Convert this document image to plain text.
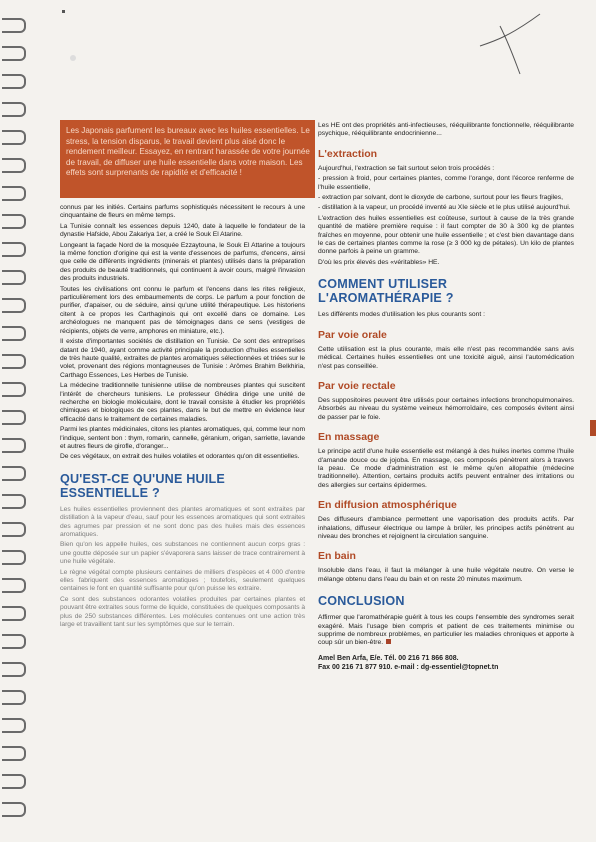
Les Japonais parfument les bureaux avec les huiles essentielles. Le stress, la tension disparus, le travail devient plus aisé donc le rendement meilleur. Essayez, en rentrant harassée de votre journée de travail, de diffuser une huile essentielle dans votre maison. Les effets sont surprenants de rapidité et d'efficacité !

connus par les initiés. Certains parfums sophistiqués nécessitent le recours à une cinquantaine de fleurs en même temps.

La Tunisie connaît les essences depuis 1240, date à laquelle le fondateur de la dynastie Hafside, Abou Zakariya 1er, a créé le Souk El Atarine.

Longeant la façade Nord de la mosquée Ezzaytouna, le Souk El Attarine a toujours la même fonction d'origine qui est la vente d'essences de parfums, d'encens, ainsi que celle de différents ingrédients (minerais et plantes) utilisés dans la préparation des produits de beauté traditionnels, qui continuent à avoir cours, malgré l'invasion des produits industriels.

Toutes les civilisations ont connu le parfum et l'encens dans les rites religieux, particulièrement lors des embaumements de corps. Le parfum a pour fonction de purifier, d'apaiser, ou de séduire, ainsi qu'une utilité thérapeutique. Les historiens citent à ce propos les Carthaginois qui ont excellé dans ce domaine. Les archéologues ne manquent pas de témoignages dans ce sens (vestiges de récipients, objets de verre, amphores en miniature, etc.).

Il existe d'importantes sociétés de distillation en Tunisie. Ce sont des entreprises datant de 1940, ayant comme activité principale la production d'huiles essentielles de très haute qualité, extraites de plantes aromatiques sélectionnées et triées sur le volet, provenant des régions montagneuses de Tunisie : Arômes Brahim Belkhiria, Carthago Essences, Les Herbes de Tunisie.

La médecine traditionnelle tunisienne utilise de nombreuses plantes qui suscitent l'intérêt de chercheurs tunisiens. Le professeur Ghédira dirige une unité de recherche en biologie moléculaire, dont le travail consiste à étudier les propriétés chimiques et biologiques de ces plantes, dans le but de mettre en évidence leur efficacité dans le traitement de certaines maladies.

Parmi les plantes médicinales, citons les plantes aromatiques, qui, comme leur nom l'indique, sentent bon : thym, romarin, cannelle, géranium, origan, sarriette, lavande et autres fleurs de girofle, d'oranger...

De ces végétaux, on extrait des huiles volatiles et odorantes qu'on dit essentielles.

QU'EST-CE QU'UNE HUILE ESSENTIELLE ?

Les huiles essentielles proviennent des plantes aromatiques et sont extraites par distillation à la vapeur d'eau, sauf pour les essences aromatiques qui sont extraites des agrumes par pression et ne sont donc pas des huiles mais des essences aromatiques.

Bien qu'on les appelle huiles, ces substances ne contiennent aucun corps gras : une goutte déposée sur un papier s'évaporera sans laisser de trace contrairement à une huile végétale.

Le règne végétal compte plusieurs centaines de milliers d'espèces et 4 000 d'entre elles fabriquent des essences aromatiques ; toutefois, seulement quelques centaines le font en quantité suffisante pour qu'on puisse les extraire.

Ce sont des substances odorantes volatiles produites par certaines plantes et pouvant être extraites sous forme de liquide, constituées de quelques composants à plus de 250 substances différentes. Les molécules contenues ont une action très large et travaillent tant sur les symptômes que sur le terrain.

Les HE ont des propriétés anti-infectieuses, rééquilibrante fonctionnelle, rééquilibrante psychique, rééquilibrante endocrinienne...

L'extraction

Aujourd'hui, l'extraction se fait surtout selon trois procédés :

- pression à froid, pour certaines plantes, comme l'orange, dont l'écorce renferme de l'huile essentielle,

- extraction par solvant, dont le dioxyde de carbone, surtout pour les fleurs fragiles,

- distillation à la vapeur, un procédé inventé au XIe siècle et le plus utilisé aujourd'hui.

L'extraction des huiles essentielles est coûteuse, surtout à cause de la très grande quantité de matière première requise : il faut compter de 30 à 300 kg de plantes fraîches en moyenne, pour obtenir une huile essentielle ; et c'est bien davantage dans le cas de certaines plantes comme la rose (≥ 3 000 kg de pétales). Un kilo de plantes donne parfois à peine un gramme.

D'où les prix élevés des «véritables» HE.

COMMENT UTILISER L'AROMATHÉRAPIE ?

Les différents modes d'utilisation les plus courants sont :

Par voie orale

Cette utilisation est la plus courante, mais elle n'est pas recommandée sans avis médical. Certaines huiles essentielles ont une toxicité aiguë, ainsi l'automédication n'est pas conseillée.

Par voie rectale

Des suppositoires peuvent être utilisés pour certaines infections bronchopulmonaires. Absorbés au niveau du système veineux hémorroïdaire, ces composés évitent ainsi de passer par le foie.

En massage

Le principe actif d'une huile essentielle est mélangé à des huiles inertes comme l'huile d'amande douce ou de jojoba. En massage, ces composés pénètrent alors à travers la peau. Ce mode d'administration est le même qu'en allopathie (médecine traditionnelle). Attention, certains produits actifs peuvent entraîner des irritations ou des allergies sur certains épidermes.

En diffusion atmosphérique

Des diffuseurs d'ambiance permettent une vaporisation des produits actifs. Par inhalations, diffuseur électrique ou lampe à brûler, les principes actifs pénètrent au niveau des bronches et rejoignent la circulation sanguine.

En bain

Insoluble dans l'eau, il faut la mélanger à une huile végétale neutre. On verse le mélange obtenu dans l'eau du bain et on reste 20 minutes maximum.

CONCLUSION

Affirmer que l'aromathérapie guérit à tous les coups l'ensemble des syndromes serait exagéré. Mais l'usage bien compris et patient de ces traitements minimise ou supprime de nombreux problèmes, en particulier les maladies chroniques et apporte à coup sûr un bien-être.

Amel Ben Arfa, E/e. Tél. 00 216 71 866 808.
Fax 00 216 71 877 910. e-mail : dg-essentiel@topnet.tn
